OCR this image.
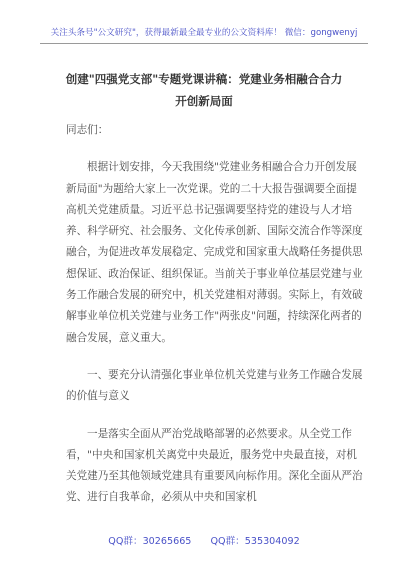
关注头条号"公文研究"，获得最新最全最专业的公文资料库！ 微信：gongwenyj
创建"四强党支部"专题党课讲稿：党建业务相融合合力
开创新局面

同志们：

根据计划安排，今天我围绕"党建业务相融合合力开创发展新局面"为题给大家上一次党课。党的二十大报告强调要全面提高机关党建质量。习近平总书记强调要坚持党的建设与人才培养、科学研究、社会服务、文化传承创新、国际交流合作等深度融合，为促进改革发展稳定、完成党和国家重大战略任务提供思想保证、政治保证、组织保证。当前关于事业单位基层党建与业务工作融合发展的研究中，机关党建相对薄弱。实际上，有效破解事业单位机关党建与业务工作"两张皮"问题，持续深化两者的融合发展，意义重大。

一、要充分认清强化事业单位机关党建与业务工作融合发展的价值与意义

一是落实全面从严治党战略部署的必然要求。从全党工作看，"中央和国家机关离党中央最近，服务党中央最直接，对机关党建乃至其他领域党建具有重要风向标作用。深化全面从严治党、进行自我革命，必须从中央和国家机

QQ群：30265665 QQ群：535304092
